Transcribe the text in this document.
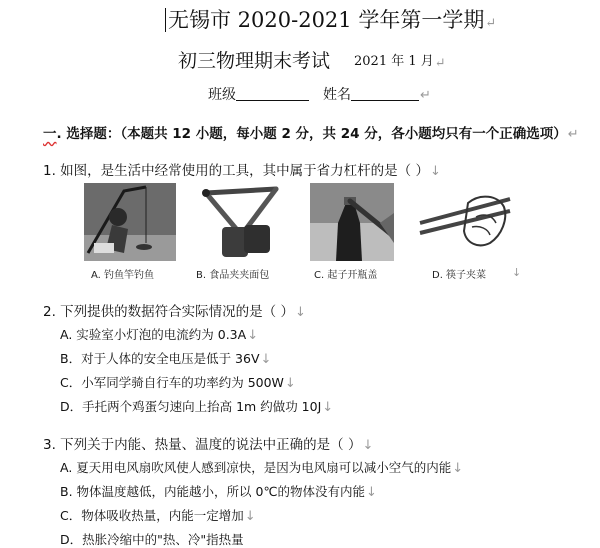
无锡市 2020-2021 学年第一学期↵
初三物理期末考试 2021 年 1 月↵
班级	姓名	↵
一. 选择题：（本题共 12 小题，每小题 2 分，共 24 分，各小题均只有一个正确选项）↵
1. 如图，是生活中经常使用的工具，其中属于省力杠杆的是（ ）↓
A. 钓鱼竿钓鱼	B. 食品夹夹面包	C. 起子开瓶盖	D. 筷子夹菜 ↓
2. 下列提供的数据符合实际情况的是（ ）↓
A. 实验室小灯泡的电流约为 0.3A↓
B．对于人体的安全电压是低于 36V↓
C．小军同学骑自行车的功率约为 500W↓
D．手托两个鸡蛋匀速向上抬高 1m 约做功 10J↓
3. 下列关于内能、热量、温度的说法中正确的是（ ）↓
A. 夏天用电风扇吹风使人感到凉快，是因为电风扇可以减小空气的内能↓
B. 物体温度越低，内能越小，所以 0℃的物体没有内能↓
C．物体吸收热量，内能一定增加↓
D．热胀冷缩中的"热、冷"指热量
